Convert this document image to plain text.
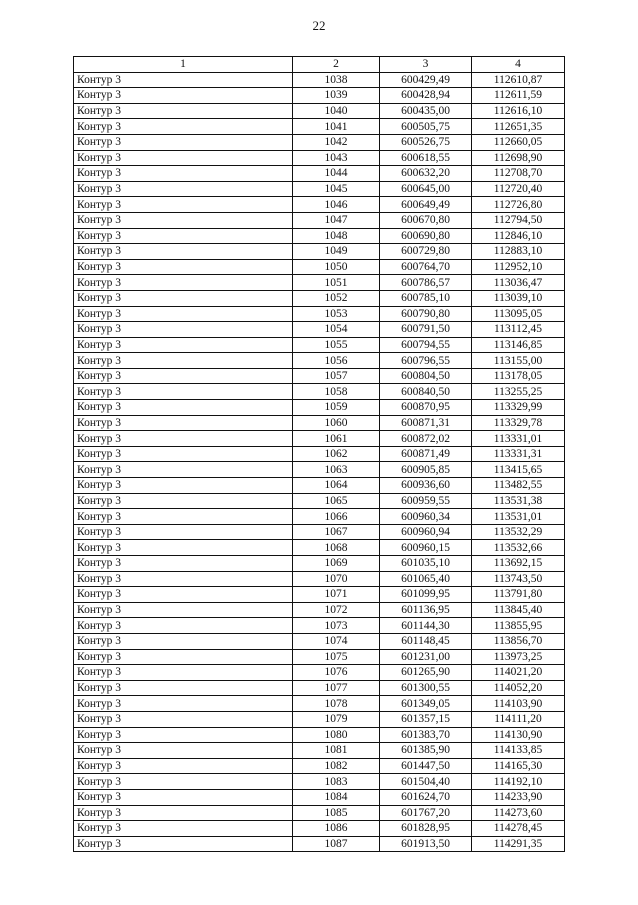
22
1	2	3	4
Контур 3	1038	600429,49	112610,87
Контур 3	1039	600428,94	112611,59
Контур 3	1040	600435,00	112616,10
Контур 3	1041	600505,75	112651,35
Контур 3	1042	600526,75	112660,05
Контур 3	1043	600618,55	112698,90
Контур 3	1044	600632,20	112708,70
Контур 3	1045	600645,00	112720,40
Контур 3	1046	600649,49	112726,80
Контур 3	1047	600670,80	112794,50
Контур 3	1048	600690,80	112846,10
Контур 3	1049	600729,80	112883,10
Контур 3	1050	600764,70	112952,10
Контур 3	1051	600786,57	113036,47
Контур 3	1052	600785,10	113039,10
Контур 3	1053	600790,80	113095,05
Контур 3	1054	600791,50	113112,45
Контур 3	1055	600794,55	113146,85
Контур 3	1056	600796,55	113155,00
Контур 3	1057	600804,50	113178,05
Контур 3	1058	600840,50	113255,25
Контур 3	1059	600870,95	113329,99
Контур 3	1060	600871,31	113329,78
Контур 3	1061	600872,02	113331,01
Контур 3	1062	600871,49	113331,31
Контур 3	1063	600905,85	113415,65
Контур 3	1064	600936,60	113482,55
Контур 3	1065	600959,55	113531,38
Контур 3	1066	600960,34	113531,01
Контур 3	1067	600960,94	113532,29
Контур 3	1068	600960,15	113532,66
Контур 3	1069	601035,10	113692,15
Контур 3	1070	601065,40	113743,50
Контур 3	1071	601099,95	113791,80
Контур 3	1072	601136,95	113845,40
Контур 3	1073	601144,30	113855,95
Контур 3	1074	601148,45	113856,70
Контур 3	1075	601231,00	113973,25
Контур 3	1076	601265,90	114021,20
Контур 3	1077	601300,55	114052,20
Контур 3	1078	601349,05	114103,90
Контур 3	1079	601357,15	114111,20
Контур 3	1080	601383,70	114130,90
Контур 3	1081	601385,90	114133,85
Контур 3	1082	601447,50	114165,30
Контур 3	1083	601504,40	114192,10
Контур 3	1084	601624,70	114233,90
Контур 3	1085	601767,20	114273,60
Контур 3	1086	601828,95	114278,45
Контур 3	1087	601913,50	114291,35
